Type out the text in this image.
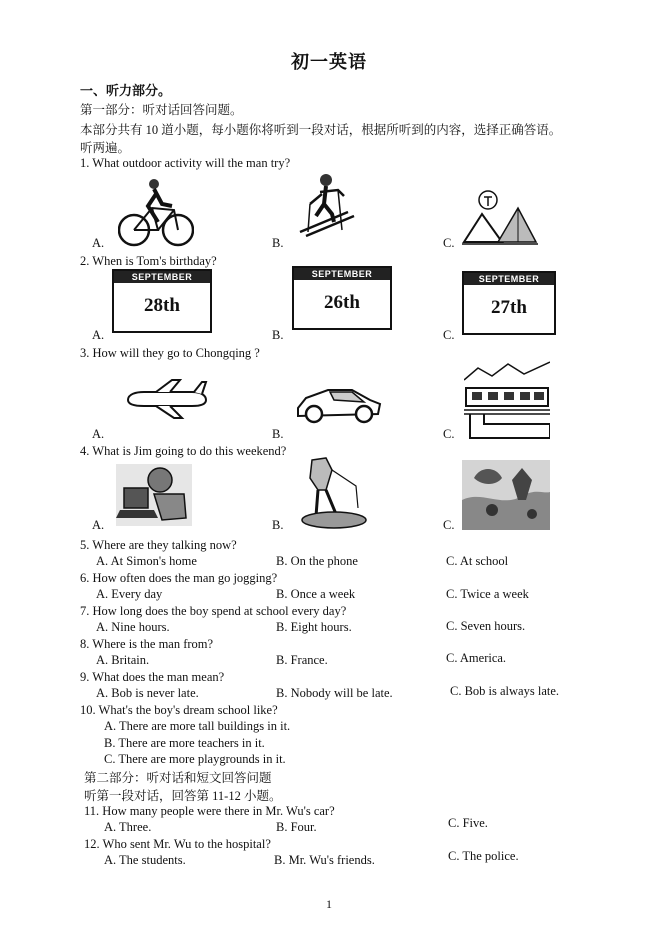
初一英语
一、听力部分。
第一部分：听对话回答问题。
本部分共有 10 道小题，每小题你将听到一段对话，根据所听到的内容，选择正确答语。
听两遍。
1. What outdoor activity will the man try?
A.	B.	C.
2. When is Tom's birthday?
A.	B.	C.
SEPTEMBER
28th
SEPTEMBER
26th
SEPTEMBER
27th
3. How will they go to Chongqing ?
A.	B.	C.
4. What is Jim going to do this weekend?
A.	B.	C.
5. Where are they talking now?
A. At Simon's home	B. On the phone	C. At school
6. How often does the man go jogging?
A. Every day	B. Once a week	C. Twice a week
7. How long does the boy spend at school every day?
A. Nine hours.	B. Eight hours.	C. Seven hours.
8. Where is the man from?
A. Britain.	B. France.	C. America.
9. What does the man mean?
A. Bob is never late.	B. Nobody will be late.	C. Bob is always late.
10. What's the boy's dream school like?
A. There are more tall buildings in it.
B. There are more teachers in it.
C. There are more playgrounds in it.
第二部分：听对话和短文回答问题
听第一段对话，回答第 11-12 小题。
11. How many people were there in Mr. Wu's car?
A. Three.	B. Four.	C. Five.
12. Who sent Mr. Wu to the hospital?
A. The students.	B. Mr. Wu's friends.	C. The police.
1
